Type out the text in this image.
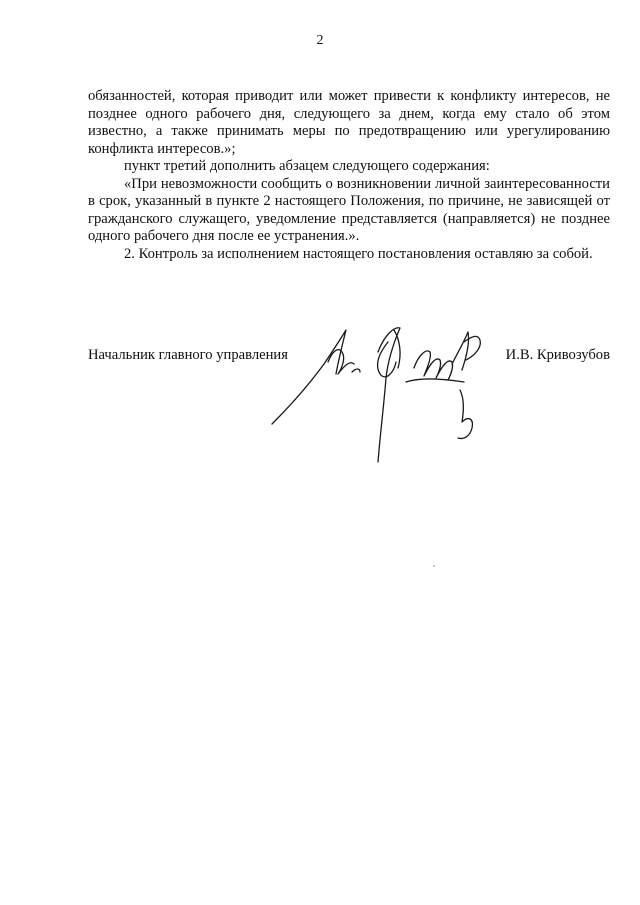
2

обязанностей, которая приводит или может привести к конфликту интересов, не позднее одного рабочего дня, следующего за днем, когда ему стало об этом известно, а также принимать меры по предотвращению или урегулированию конфликта интересов.»;

пункт третий дополнить абзацем следующего содержания:

«При невозможности сообщить о возникновении личной заинтересованности в срок, указанный в пункте 2 настоящего Положения, по причине, не зависящей от гражданского служащего, уведомление представляется (направляется) не позднее одного рабочего дня после ее устранения.».

2. Контроль за исполнением настоящего постановления оставляю за собой.

Начальник главного управления	И.В. Кривозубов
